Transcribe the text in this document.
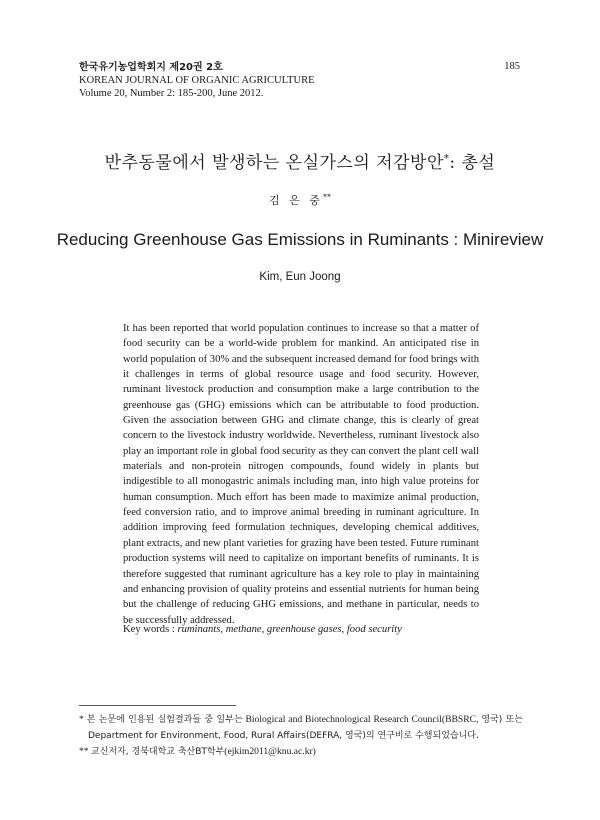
한국유기농업학회지 제20권 2호
KOREAN JOURNAL OF ORGANIC AGRICULTURE
Volume 20, Number 2: 185-200, June 2012.
185
반추동물에서 발생하는 온실가스의 저감방안*: 총설
김 은 중**
Reducing Greenhouse Gas Emissions in Ruminants : Minireview
Kim, Eun Joong

It has been reported that world population continues to increase so that a matter of food security can be a world-wide problem for mankind. An anticipated rise in world population of 30% and the subsequent increased demand for food brings with it challenges in terms of global resource usage and food security. However, ruminant livestock production and consumption make a large contribution to the greenhouse gas (GHG) emissions which can be attributable to food production. Given the association between GHG and climate change, this is clearly of great concern to the livestock industry worldwide. Nevertheless, ruminant livestock also play an important role in global food security as they can convert the plant cell wall materials and non-protein nitrogen compounds, found widely in plants but indigestible to all monogastric animals including man, into high value proteins for human consumption. Much effort has been made to maximize animal production, feed conversion ratio, and to improve animal breeding in ruminant agriculture. In addition improving feed formulation techniques, developing chemical additives, plant extracts, and new plant varieties for grazing have been tested. Future ruminant production systems will need to capitalize on important benefits of ruminants. It is therefore suggested that ruminant agriculture has a key role to play in maintaining and enhancing provision of quality proteins and essential nutrients for human being but the challenge of reducing GHG emissions, and methane in particular, needs to be successfully addressed.

Key words : ruminants, methane, greenhouse gases, food security

* 본 논문에 인용된 실험결과들 중 일부는 Biological and Biotechnological Research Council(BBSRC, 영국) 또는 Department for Environment, Food, Rural Affairs(DEFRA, 영국)의 연구비로 수행되었습니다.

** 교신저자, 경북대학교 축산BT학부(ejkim2011@knu.ac.kr)
